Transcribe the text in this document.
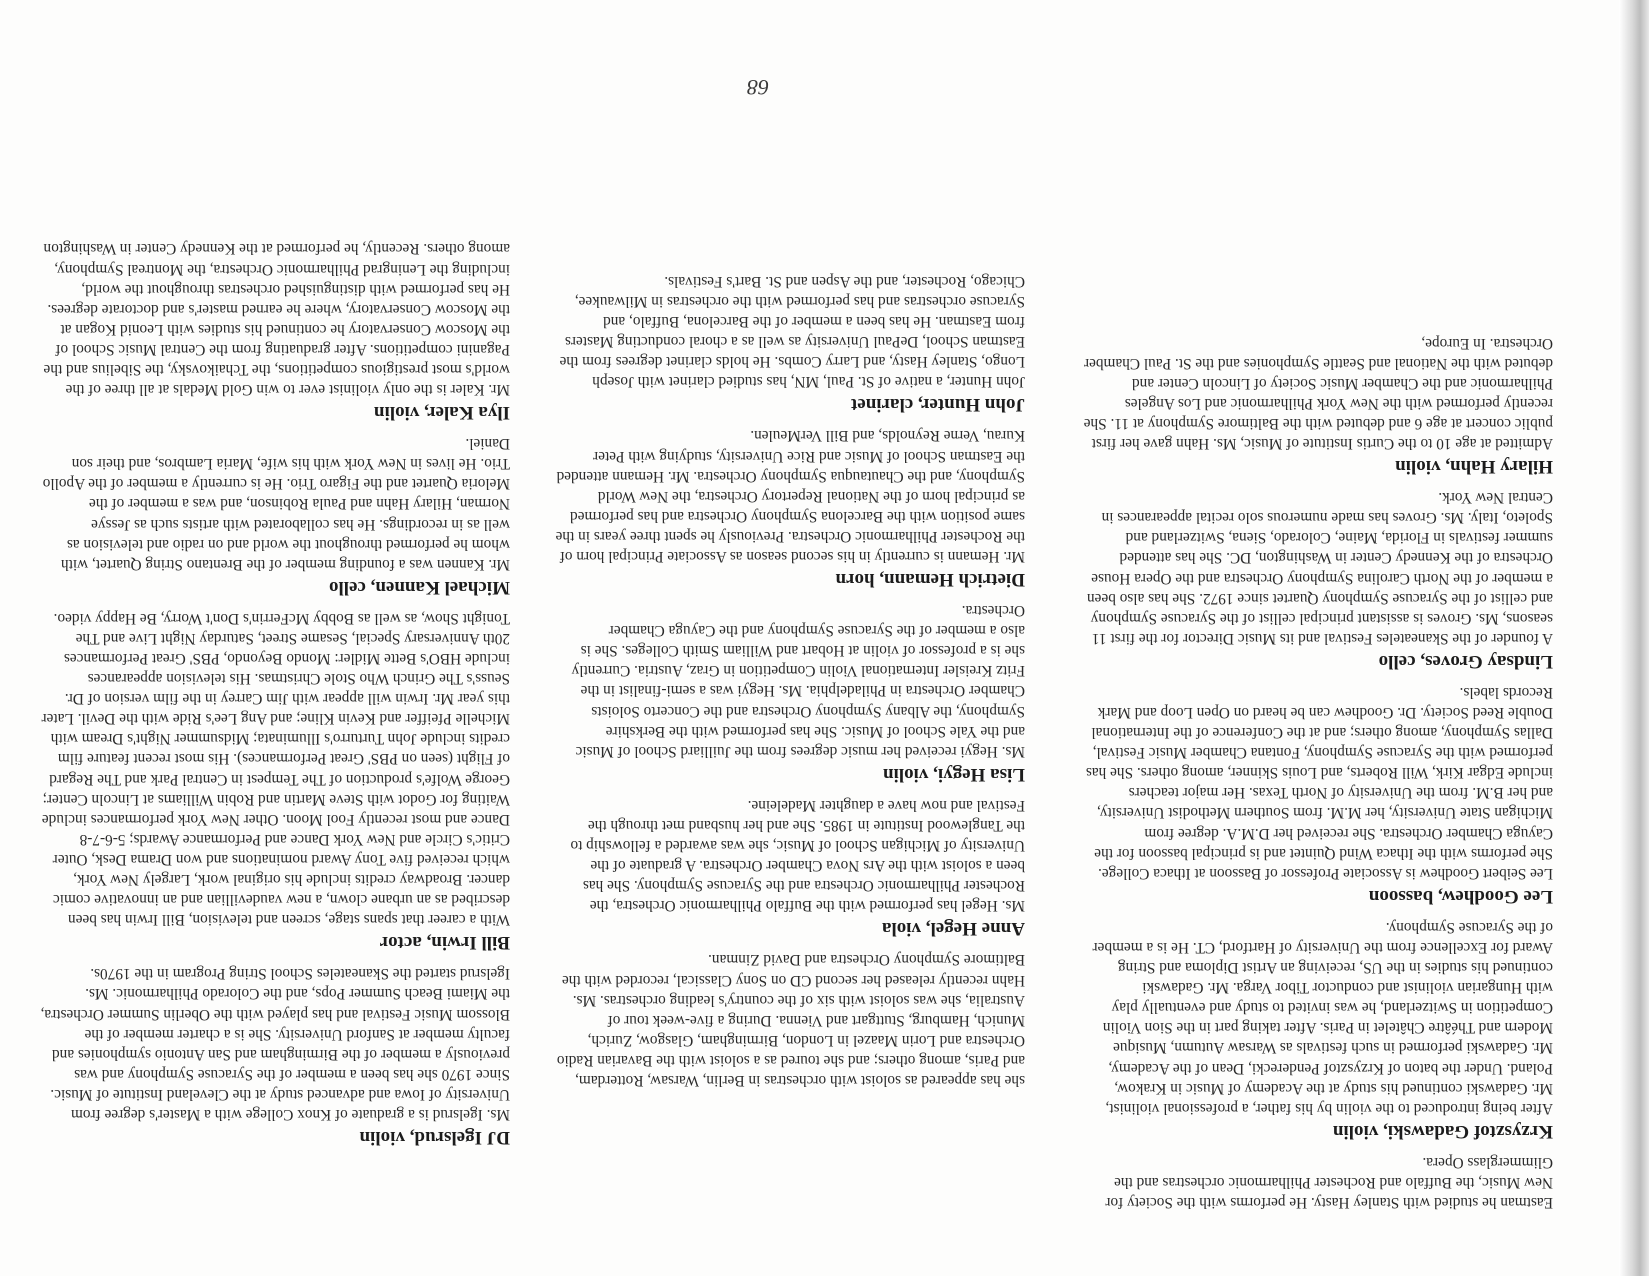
Eastman he studied with Stanley Hasty. He performs with the Society for New Music, the Buffalo and Rochester Philharmonic orchestras and the Glimmerglass Opera.

Krzysztof Gadawski, violin

After being introduced to the violin by his father, a professional violinist, Mr. Gadawski continued his study at the Academy of Music in Krakow, Poland. Under the baton of Krzysztof Penderecki, Dean of the Academy, Mr. Gadawski performed in such festivals as Warsaw Autumn, Musique Modern and Théâtre Châtelet in Paris. After taking part in the Sion Violin Competition in Switzerland, he was invited to study and eventually play with Hungarian violinist and conductor Tibor Varga. Mr. Gadawski continued his studies in the US, receiving an Artist Diploma and String Award for Excellence from the University of Hartford, CT. He is a member of the Syracuse Symphony.

Lee Goodhew, bassoon

Lee Seibert Goodhew is Associate Professor of Bassoon at Ithaca College. She performs with the Ithaca Wind Quintet and is principal bassoon for the Cayuga Chamber Orchestra. She received her D.M.A. degree from Michigan State University, her M.M. from Southern Methodist University, and her B.M. from the University of North Texas. Her major teachers include Edgar Kirk, Will Roberts, and Louis Skinner, among others. She has performed with the Syracuse Symphony, Fontana Chamber Music Festival, Dallas Symphony, among others; and at the Conference of the International Double Reed Society. Dr. Goodhew can be heard on Open Loop and Mark Records labels.

Lindsay Groves, cello

A founder of the Skaneateles Festival and its Music Director for the first 11 seasons, Ms. Groves is assistant principal cellist of the Syracuse Symphony and cellist of the Syracuse Symphony Quartet since 1972. She has also been a member of the North Carolina Symphony Orchestra and the Opera House Orchestra of the Kennedy Center in Washington, DC. She has attended summer festivals in Florida, Maine, Colorado, Siena, Switzerland and Spoleto, Italy. Ms. Groves has made numerous solo recital appearances in Central New York.

Hilary Hahn, violin

Admitted at age 10 to the Curtis Institute of Music, Ms. Hahn gave her first public concert at age 6 and debuted with the Baltimore Symphony at 11. She recently performed with the New York Philharmonic and Los Angeles Philharmonic and the Chamber Music Society of Lincoln Center and debuted with the National and Seattle Symphonies and the St. Paul Chamber Orchestra. In Europe,

she has appeared as soloist with orchestras in Berlin, Warsaw, Rotterdam, and Paris, among others; and she toured as a soloist with the Bavarian Radio Orchestra and Lorin Maazel in London, Birmingham, Glasgow, Zurich, Munich, Hamburg, Stuttgart and Vienna. During a five-week tour of Australia, she was soloist with six of the country's leading orchestras. Ms. Hahn recently released her second CD on Sony Classical, recorded with the Baltimore Symphony Orchestra and David Zinman.

Anne Hegel, viola

Ms. Hegel has performed with the Buffalo Philharmonic Orchestra, the Rochester Philharmonic Orchestra and the Syracuse Symphony. She has been a soloist with the Ars Nova Chamber Orchestra. A graduate of the University of Michigan School of Music, she was awarded a fellowship to the Tanglewood Institute in 1985. She and her husband met through the Festival and now have a daughter Madeleine.

Lisa Hegyi, violin

Ms. Hegyi received her music degrees from the Juilliard School of Music and the Yale School of Music. She has performed with the Berkshire Symphony, the Albany Symphony Orchestra and the Concerto Soloists Chamber Orchestra in Philadelphia. Ms. Hegyi was a semi-finalist in the Fritz Kreisler International Violin Competition in Graz, Austria. Currently she is a professor of violin at Hobart and William Smith Colleges. She is also a member of the Syracuse Symphony and the Cayuga Chamber Orchestra.

Dietrich Hemann, horn

Mr. Hemann is currently in his second season as Associate Principal horn of the Rochester Philharmonic Orchestra. Previously he spent three years in the same position with the Barcelona Symphony Orchestra and has performed as principal horn of the National Repertory Orchestra, the New World Symphony, and the Chautauqua Symphony Orchestra. Mr. Hemann attended the Eastman School of Music and Rice University, studying with Peter Kurau, Verne Reynolds, and Bill VerMeulen.

John Hunter, clarinet

John Hunter, a native of St. Paul, MN, has studied clarinet with Joseph Longo, Stanley Hasty, and Larry Combs. He holds clarinet degrees from the Eastman School, DePaul University as well as a choral conducting Masters from Eastman. He has been a member of the Barcelona, Buffalo, and Syracuse orchestras and has performed with the orchestras in Milwaukee, Chicago, Rochester, and the Aspen and St. Bart's Festivals.

DJ Igelsrud, violin

Ms. Igelsrud is a graduate of Knox College with a Master's degree from University of Iowa and advanced study at the Cleveland Institute of Music. Since 1970 she has been a member of the Syracuse Symphony and was previously a member of the Birmingham and San Antonio symphonies and faculty member at Sanford University. She is a charter member of the Blossom Music Festival and has played with the Oberlin Summer Orchestra, the Miami Beach Summer Pops, and the Colorado Philharmonic. Ms. Igelsrud started the Skaneateles School String Program in the 1970s.

Bill Irwin, actor

With a career that spans stage, screen and television, Bill Irwin has been described as an urbane clown, a new vaudevillian and an innovative comic dancer. Broadway credits include his original work, Largely New York, which received five Tony Award nominations and won Drama Desk, Outer Critic's Circle and New York Dance and Performance Awards; 5-6-7-8 Dance and most recently Fool Moon. Other New York performances include Waiting for Godot with Steve Martin and Robin Williams at Lincoln Center; George Wolfe's production of The Tempest in Central Park and The Regard of Flight (seen on PBS' Great Performances). His most recent feature film credits include John Turturro's Illuminata; Midsummer Night's Dream with Michelle Pfeiffer and Kevin Kline; and Ang Lee's Ride with the Devil. Later this year Mr. Irwin will appear with Jim Carrey in the film version of Dr. Seuss's The Grinch Who Stole Christmas. His television appearances include HBO's Bette Midler: Mondo Beyondo, PBS' Great Performances 20th Anniversary Special, Sesame Street, Saturday Night Live and The Tonight Show, as well as Bobby McFerrin's Don't Worry, Be Happy video.

Michael Kannen, cello

Mr. Kannen was a founding member of the Brentano String Quartet, with whom he performed throughout the world and on radio and television as well as in recordings. He has collaborated with artists such as Jessye Norman, Hilary Hahn and Paula Robinson, and was a member of the Meloria Quartet and the Figaro Trio. He is currently a member of the Apollo Trio. He lives in New York with his wife, Maria Lambros, and their son Daniel.

Ilya Kaler, violin

Mr. Kaler is the only violinist ever to win Gold Medals at all three of the world's most prestigious competitions, the Tchaikovsky, the Sibelius and the Paganini competitions. After graduating from the Central Music School of the Moscow Conservatory he continued his studies with Leonid Kogan at the Moscow Conservatory, where he earned master's and doctorate degrees. He has performed with distinguished orchestras throughout the world, including the Leningrad Philharmonic Orchestra, the Montreal Symphony, among others. Recently, he performed at the Kennedy Center in Washington

68
